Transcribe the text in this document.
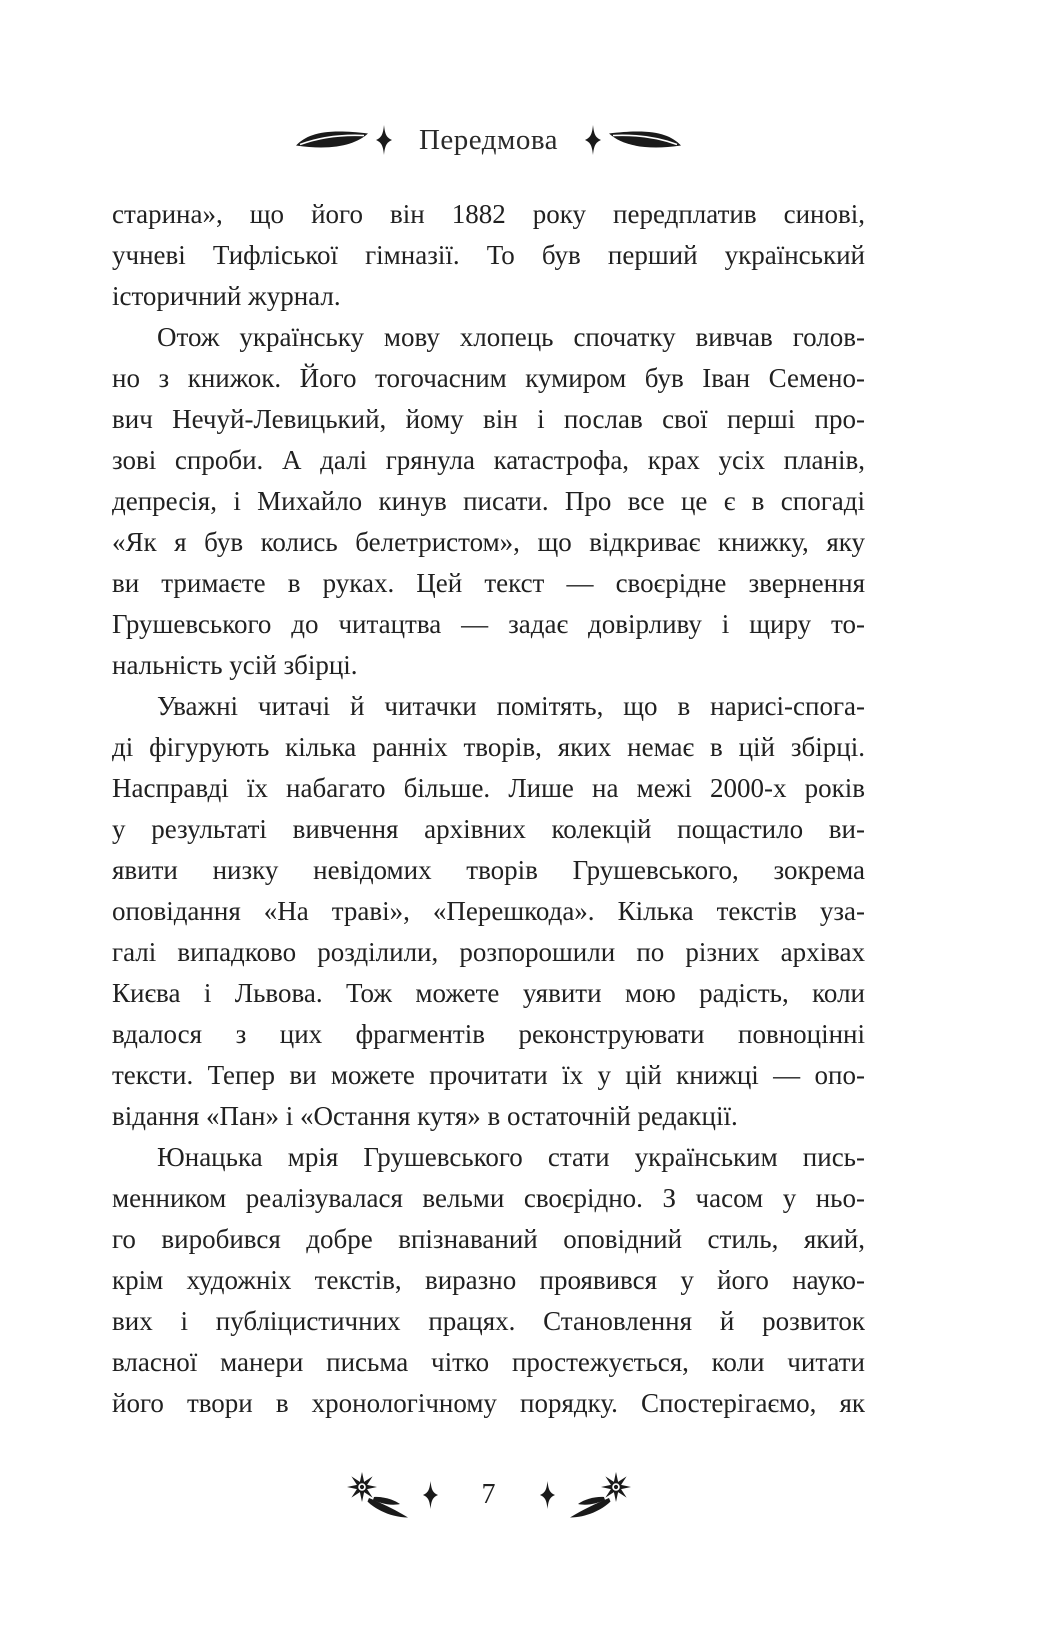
Передмова
старина», що його він 1882 року передплатив синові,
учневі Тифліської гімназії. То був перший український
історичний журнал.
Отож українську мову хлопець спочатку вивчав голов-
но з книжок. Його тогочасним кумиром був Іван Семено-
вич Нечуй-Левицький, йому він і послав свої перші про-
зові спроби. А далі грянула катастрофа, крах усіх планів,
депресія, і Михайло кинув писати. Про все це є в спогаді
«Як я був колись белетристом», що відкриває книжку, яку
ви тримаєте в руках. Цей текст — своєрідне звернення
Грушевського до читацтва — задає довірливу і щиру то-
нальність усій збірці.
Уважні читачі й читачки помітять, що в нарисі-спога-
ді фігурують кілька ранніх творів, яких немає в цій збірці.
Насправді їх набагато більше. Лише на межі 2000-х років
у результаті вивчення архівних колекцій пощастило ви-
явити низку невідомих творів Грушевського, зокрема
оповідання «На траві», «Перешкода». Кілька текстів уза-
галі випадково розділили, розпорошили по різних архівах
Києва і Львова. Тож можете уявити мою радість, коли
вдалося з цих фрагментів реконструювати повноцінні
тексти. Тепер ви можете прочитати їх у цій книжці — опо-
відання «Пан» і «Остання кутя» в остаточній редакції.
Юнацька мрія Грушевського стати українським пись-
менником реалізувалася вельми своєрідно. З часом у ньо-
го виробився добре впізнаваний оповідний стиль, який,
крім художніх текстів, виразно проявився у його науко-
вих і публіцистичних працях. Становлення й розвиток
власної манери письма чітко простежується, коли читати
його твори в хронологічному порядку. Спостерігаємо, як
7
